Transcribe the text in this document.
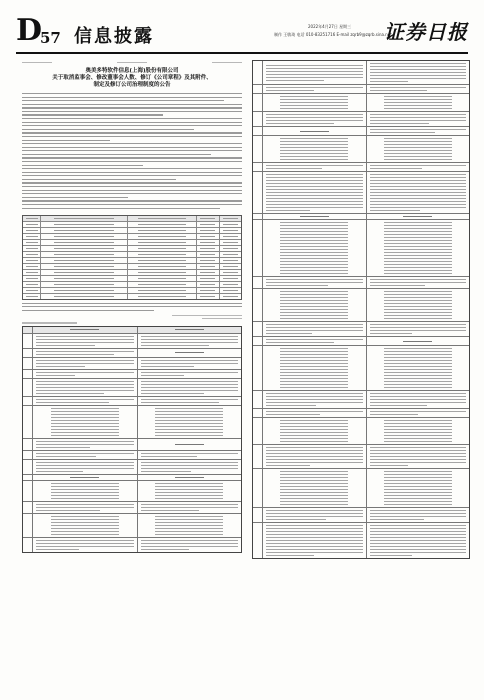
D
57 信息披露	2022年4月27日 星期三
制作 王敏琦 电话 010-83251716 E-mail zqrb9@zqrb.sina.net
证券日报
奥美多特软件信息(上海)股份有限公司
关于取消监事会、修改董事会人数、修订《公司章程》及其附件、
制定及修订公司治理制度的公告
